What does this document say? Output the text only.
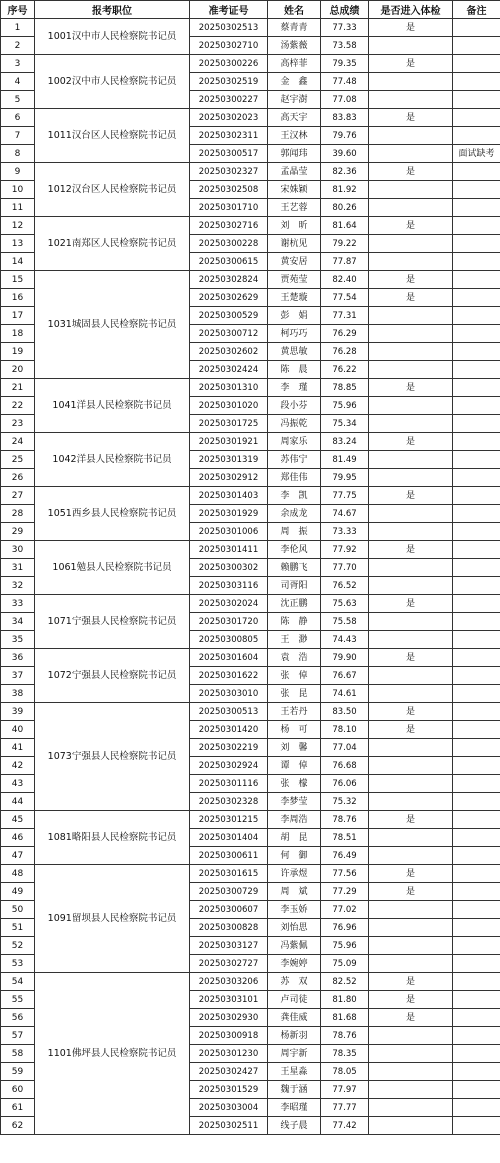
序号	报考职位	准考证号	姓名	总成绩	是否进入体检	备注
1	1001汉中市人民检察院书记员	20250302513	蔡青青	77.33	是	
2		20250302710	汤紫薇	73.58		
3	1002汉中市人民检察院书记员	20250300226	高梓菲	79.35	是	
4		20250302519	金　鑫	77.48		
5		20250300227	赵宇澍	77.08		
6	1011汉台区人民检察院书记员	20250302023	高天宇	83.83	是	
7		20250302311	王汉林	79.76		
8		20250300517	郭闻玮	39.60		面试缺考
9	1012汉台区人民检察院书记员	20250302327	孟晶莹	82.36	是	
10		20250302508	宋姝颖	81.92		
11		20250301710	王艺蓉	80.26		
12	1021南郑区人民检察院书记员	20250302716	刘　昕	81.64	是	
13		20250300228	谢杭见	79.22		
14		20250300615	黄安居	77.87		
15	1031城固县人民检察院书记员	20250302824	贾苑莹	82.40	是	
16		20250302629	王楚璇	77.54	是	
17		20250300529	彭　娟	77.31		
18		20250300712	柯巧巧	76.29		
19		20250302602	黄思敏	76.28		
20		20250302424	陈　晨	76.22		
21	1041洋县人民检察院书记员	20250301310	李　瑾	78.85	是	
22		20250301020	段小芬	75.96		
23		20250301725	冯振乾	75.34		
24	1042洋县人民检察院书记员	20250301921	周家乐	83.24	是	
25		20250301319	苏伟宁	81.49		
26		20250302912	郑佳伟	79.95		
27	1051西乡县人民检察院书记员	20250301403	李　凯	77.75	是	
28		20250301929	余成龙	74.67		
29		20250301006	周　振	73.33		
30	1061勉县人民检察院书记员	20250301411	李伦风	77.92	是	
31		20250300302	赖鹏飞	77.70		
32		20250303116	司胥阳	76.52		
33	1071宁强县人民检察院书记员	20250302024	沈正鹏	75.63	是	
34		20250301720	陈　静	75.58		
35		20250300805	王　渺	74.43		
36	1072宁强县人民检察院书记员	20250301604	袁　浩	79.90	是	
37		20250301622	张　倬	76.67		
38		20250303010	张　昆	74.61		
39	1073宁强县人民检察院书记员	20250300513	王若丹	83.50	是	
40		20250301420	杨　可	78.10	是	
41		20250302219	刘　馨	77.04		
42		20250302924	谭　倬	76.68		
43		20250301116	张　檬	76.06		
44		20250302328	李梦莹	75.32		
45	1081略阳县人民检察院书记员	20250301215	李周浩	78.76	是	
46		20250301404	胡　昆	78.51		
47		20250300611	何　御	76.49		
48	1091留坝县人民检察院书记员	20250301615	许承煜	77.56	是	
49		20250300729	周　斌	77.29	是	
50		20250300607	李玉娇	77.02		
51		20250300828	刘怡思	76.96		
52		20250303127	冯紫佩	75.96		
53		20250302727	李婉婷	75.09		
54	1101佛坪县人民检察院书记员	20250303206	苏　双	82.52	是	
55		20250303101	卢司徒	81.80	是	
56		20250302930	龚佳威	81.68	是	
57		20250300918	杨新羽	78.76		
58		20250301230	周宇新	78.35		
59		20250302427	王星淼	78.05		
60		20250301529	魏于涵	77.97		
61		20250303004	李昭瑾	77.77		
62		20250302511	线子晨	77.42		
